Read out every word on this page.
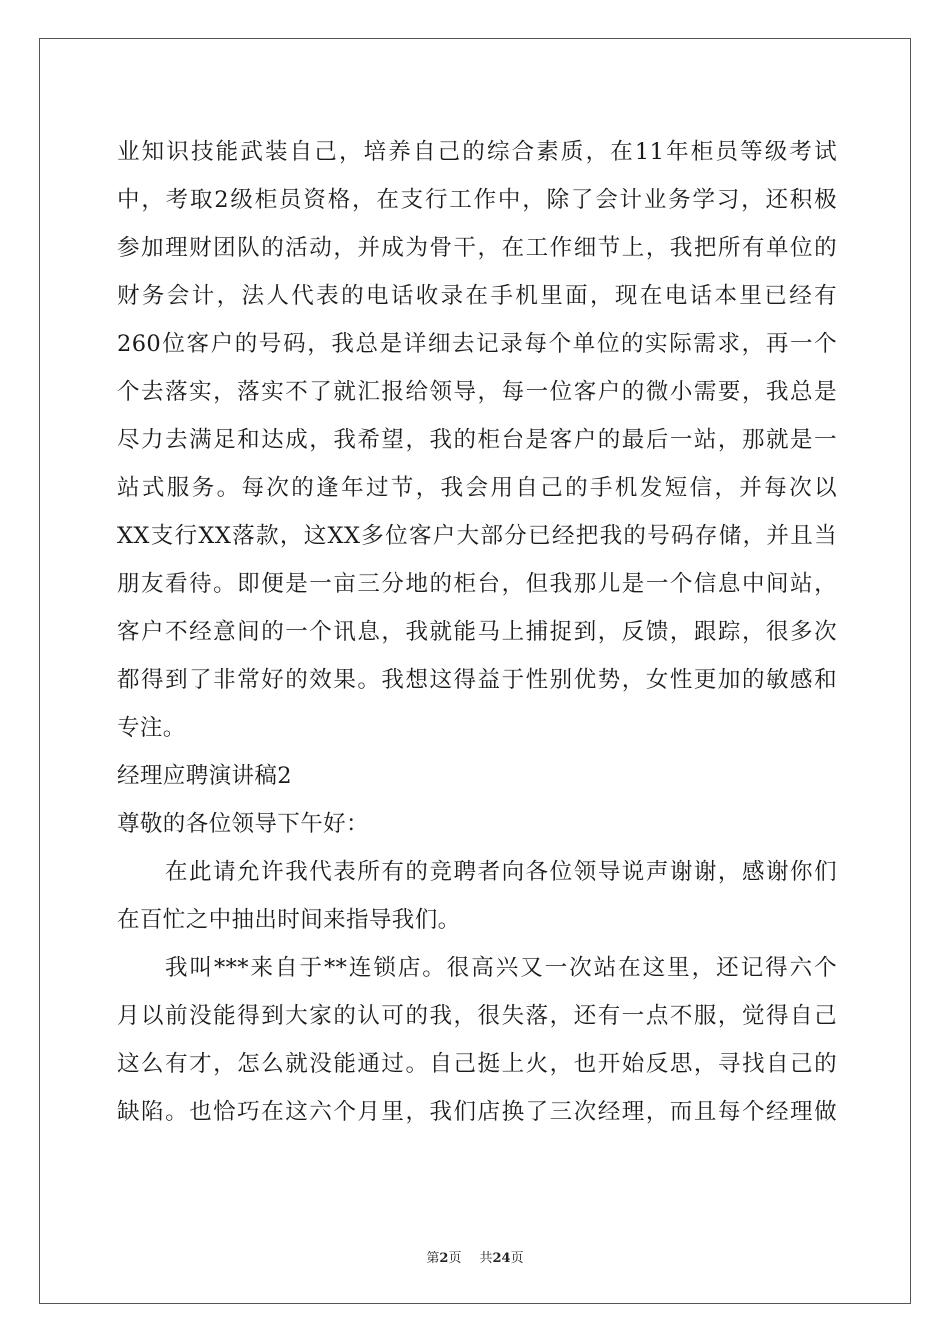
业知识技能武装自己，培养自己的综合素质，在11年柜员等级考试
中，考取2级柜员资格，在支行工作中，除了会计业务学习，还积极
参加理财团队的活动，并成为骨干，在工作细节上，我把所有单位的
财务会计，法人代表的电话收录在手机里面，现在电话本里已经有
260位客户的号码，我总是详细去记录每个单位的实际需求，再一个
个去落实，落实不了就汇报给领导，每一位客户的微小需要，我总是
尽力去满足和达成，我希望，我的柜台是客户的最后一站，那就是一
站式服务。每次的逢年过节，我会用自己的手机发短信，并每次以
XX支行XX落款，这XX多位客户大部分已经把我的号码存储，并且当
朋友看待。即便是一亩三分地的柜台，但我那儿是一个信息中间站，
客户不经意间的一个讯息，我就能马上捕捉到，反馈，跟踪，很多次
都得到了非常好的效果。我想这得益于性别优势，女性更加的敏感和
专注。
经理应聘演讲稿2
尊敬的各位领导下午好：
在此请允许我代表所有的竞聘者向各位领导说声谢谢，感谢你们
在百忙之中抽出时间来指导我们。
我叫***来自于**连锁店。很高兴又一次站在这里，还记得六个
月以前没能得到大家的认可的我，很失落，还有一点不服，觉得自己
这么有才，怎么就没能通过。自己挺上火，也开始反思，寻找自己的
缺陷。也恰巧在这六个月里，我们店换了三次经理，而且每个经理做
第2页 共24页
